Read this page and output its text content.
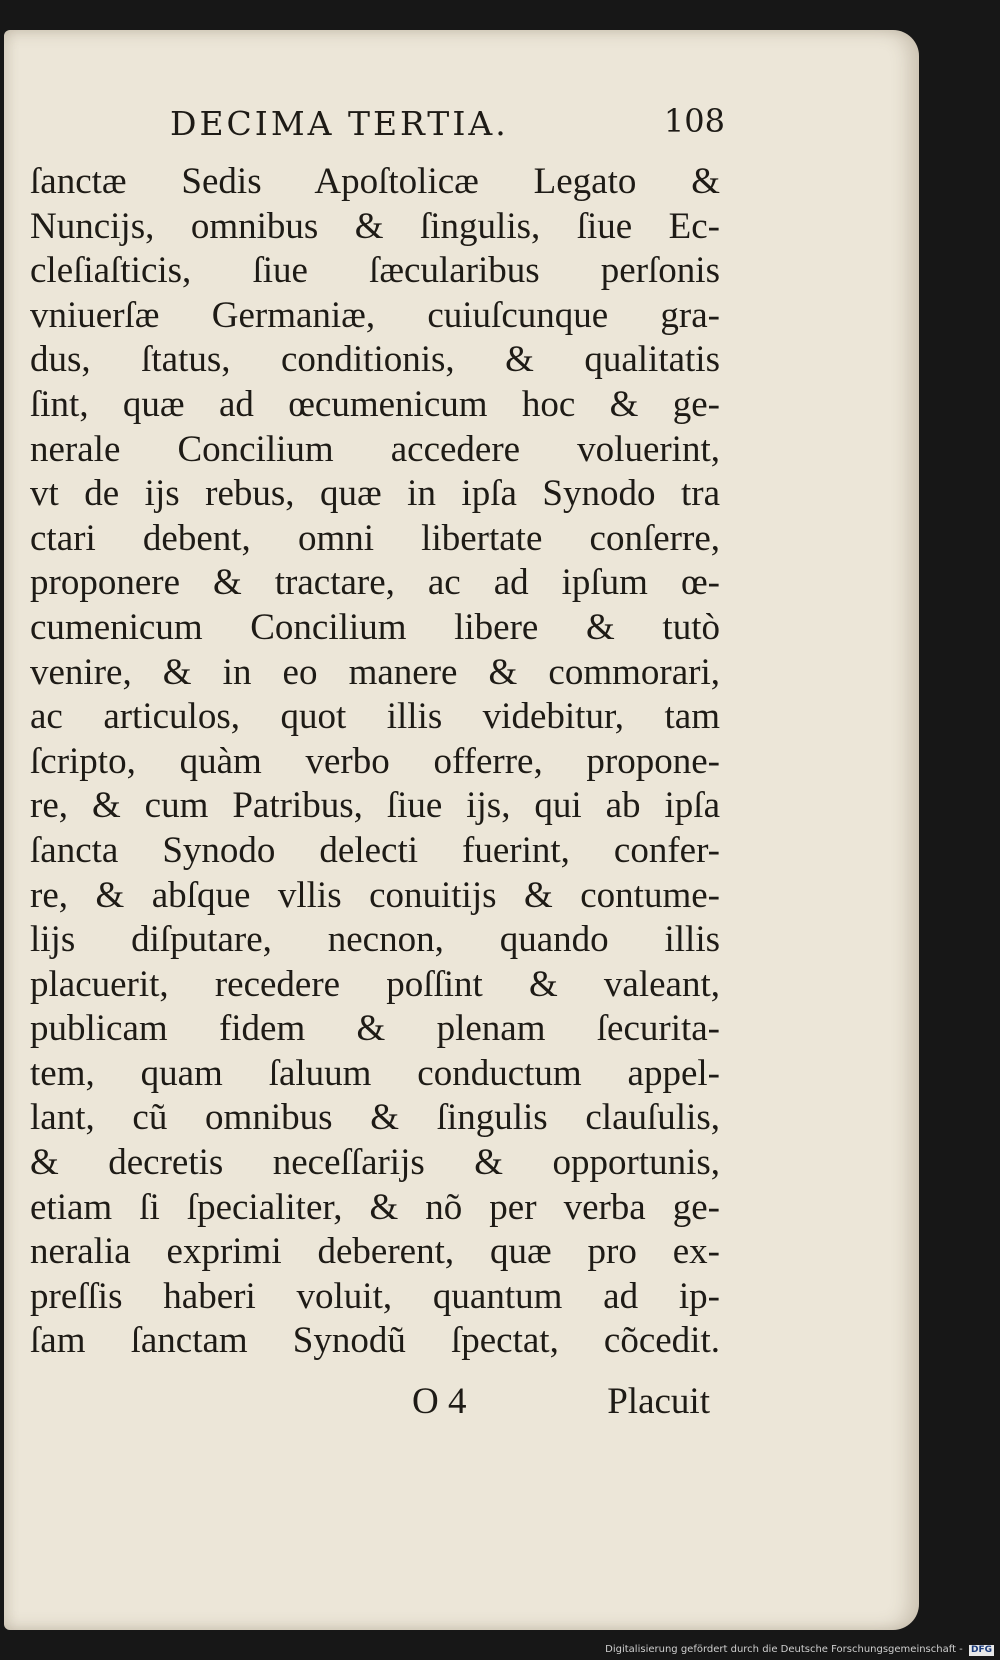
DECIMA TERTIA.	108
ſanctæ Sedis Apoſtolicæ Legato &
Nuncijs, omnibus & ſingulis, ſiue Ec-
cleſiaſticis, ſiue ſæcularibus perſonis
vniuerſæ Germaniæ, cuiuſcunque gra-
dus, ſtatus, conditionis, & qualitatis
ſint, quæ ad œcumenicum hoc & ge-
nerale Concilium accedere voluerint,
vt de ijs rebus, quæ in ipſa Synodo tra
ctari debent, omni libertate conſerre,
proponere & tractare, ac ad ipſum œ-
cumenicum Concilium libere & tutò
venire, & in eo manere & commorari,
ac articulos, quot illis videbitur, tam
ſcripto, quàm verbo offerre, propone-
re, & cum Patribus, ſiue ijs, qui ab ipſa
ſancta Synodo delecti fuerint, confer-
re, & abſque vllis conuitijs & contume-
lijs diſputare, necnon, quando illis
placuerit, recedere poſſint & valeant,
publicam fidem & plenam ſecurita-
tem, quam ſaluum conductum appel-
lant, cũ omnibus & ſingulis clauſulis,
& decretis neceſſarijs & opportunis,
etiam ſi ſpecialiter, & nõ per verba ge-
neralia exprimi deberent, quæ pro ex-
preſſis haberi voluit, quantum ad ip-
ſam ſanctam Synodũ ſpectat, cõcedit.
O 4	Placuit
Digitalisierung gefördert durch die Deutsche Forschungsgemeinschaft - DFG
